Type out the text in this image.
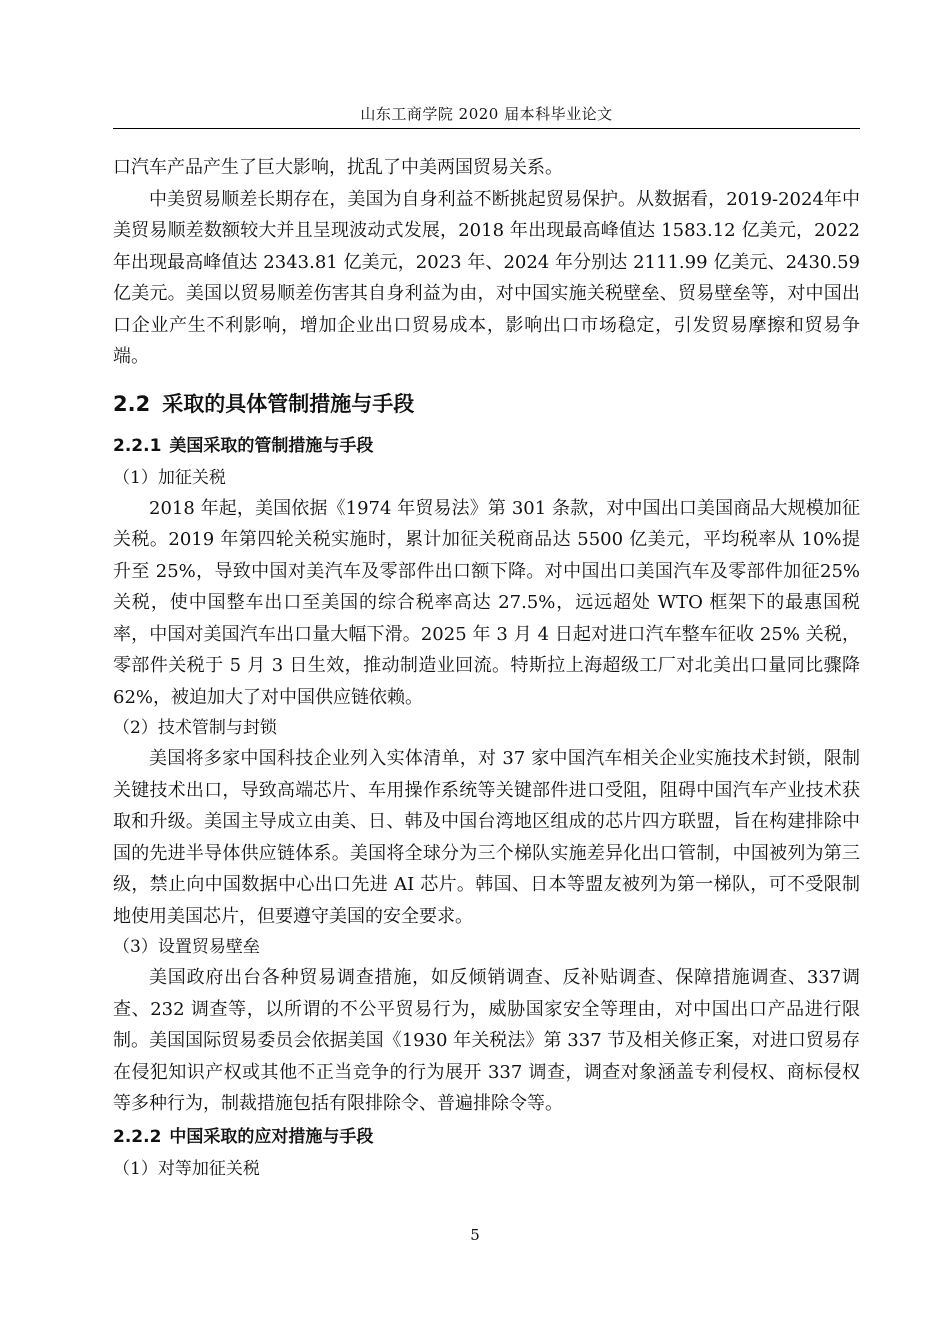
山东工商学院 2020 届本科毕业论文

口汽车产品产生了巨大影响，扰乱了中美两国贸易关系。

中美贸易顺差长期存在，美国为自身利益不断挑起贸易保护。从数据看，2019-2024年中美贸易顺差数额较大并且呈现波动式发展，2018 年出现最高峰值达 1583.12 亿美元，2022 年出现最高峰值达 2343.81 亿美元，2023 年、2024 年分别达 2111.99 亿美元、2430.59 亿美元。美国以贸易顺差伤害其自身利益为由，对中国实施关税壁垒、贸易壁垒等，对中国出口企业产生不利影响，增加企业出口贸易成本，影响出口市场稳定，引发贸易摩擦和贸易争端。

2.2 采取的具体管制措施与手段
2.2.1 美国采取的管制措施与手段

（1）加征关税

2018 年起，美国依据《1974 年贸易法》第 301 条款，对中国出口美国商品大规模加征关税。2019 年第四轮关税实施时，累计加征关税商品达 5500 亿美元，平均税率从 10%提升至 25%，导致中国对美汽车及零部件出口额下降。对中国出口美国汽车及零部件加征25%关税，使中国整车出口至美国的综合税率高达 27.5%，远远超处 WTO 框架下的最惠国税率，中国对美国汽车出口量大幅下滑。2025 年 3 月 4 日起对进口汽车整车征收 25% 关税，零部件关税于 5 月 3 日生效，推动制造业回流。特斯拉上海超级工厂对北美出口量同比骤降 62%，被迫加大了对中国供应链依赖。

（2）技术管制与封锁

美国将多家中国科技企业列入实体清单，对 37 家中国汽车相关企业实施技术封锁，限制关键技术出口，导致高端芯片、车用操作系统等关键部件进口受阻，阻碍中国汽车产业技术获取和升级。美国主导成立由美、日、韩及中国台湾地区组成的芯片四方联盟，旨在构建排除中国的先进半导体供应链体系。美国将全球分为三个梯队实施差异化出口管制，中国被列为第三级，禁止向中国数据中心出口先进 AI 芯片。韩国、日本等盟友被列为第一梯队，可不受限制地使用美国芯片，但要遵守美国的安全要求。

（3）设置贸易壁垒

美国政府出台各种贸易调查措施，如反倾销调查、反补贴调查、保障措施调查、337调查、232 调查等，以所谓的不公平贸易行为，威胁国家安全等理由，对中国出口产品进行限制。美国国际贸易委员会依据美国《1930 年关税法》第 337 节及相关修正案，对进口贸易存在侵犯知识产权或其他不正当竞争的行为展开 337 调查，调查对象涵盖专利侵权、商标侵权等多种行为，制裁措施包括有限排除令、普遍排除令等。

2.2.2 中国采取的应对措施与手段

（1）对等加征关税

5
